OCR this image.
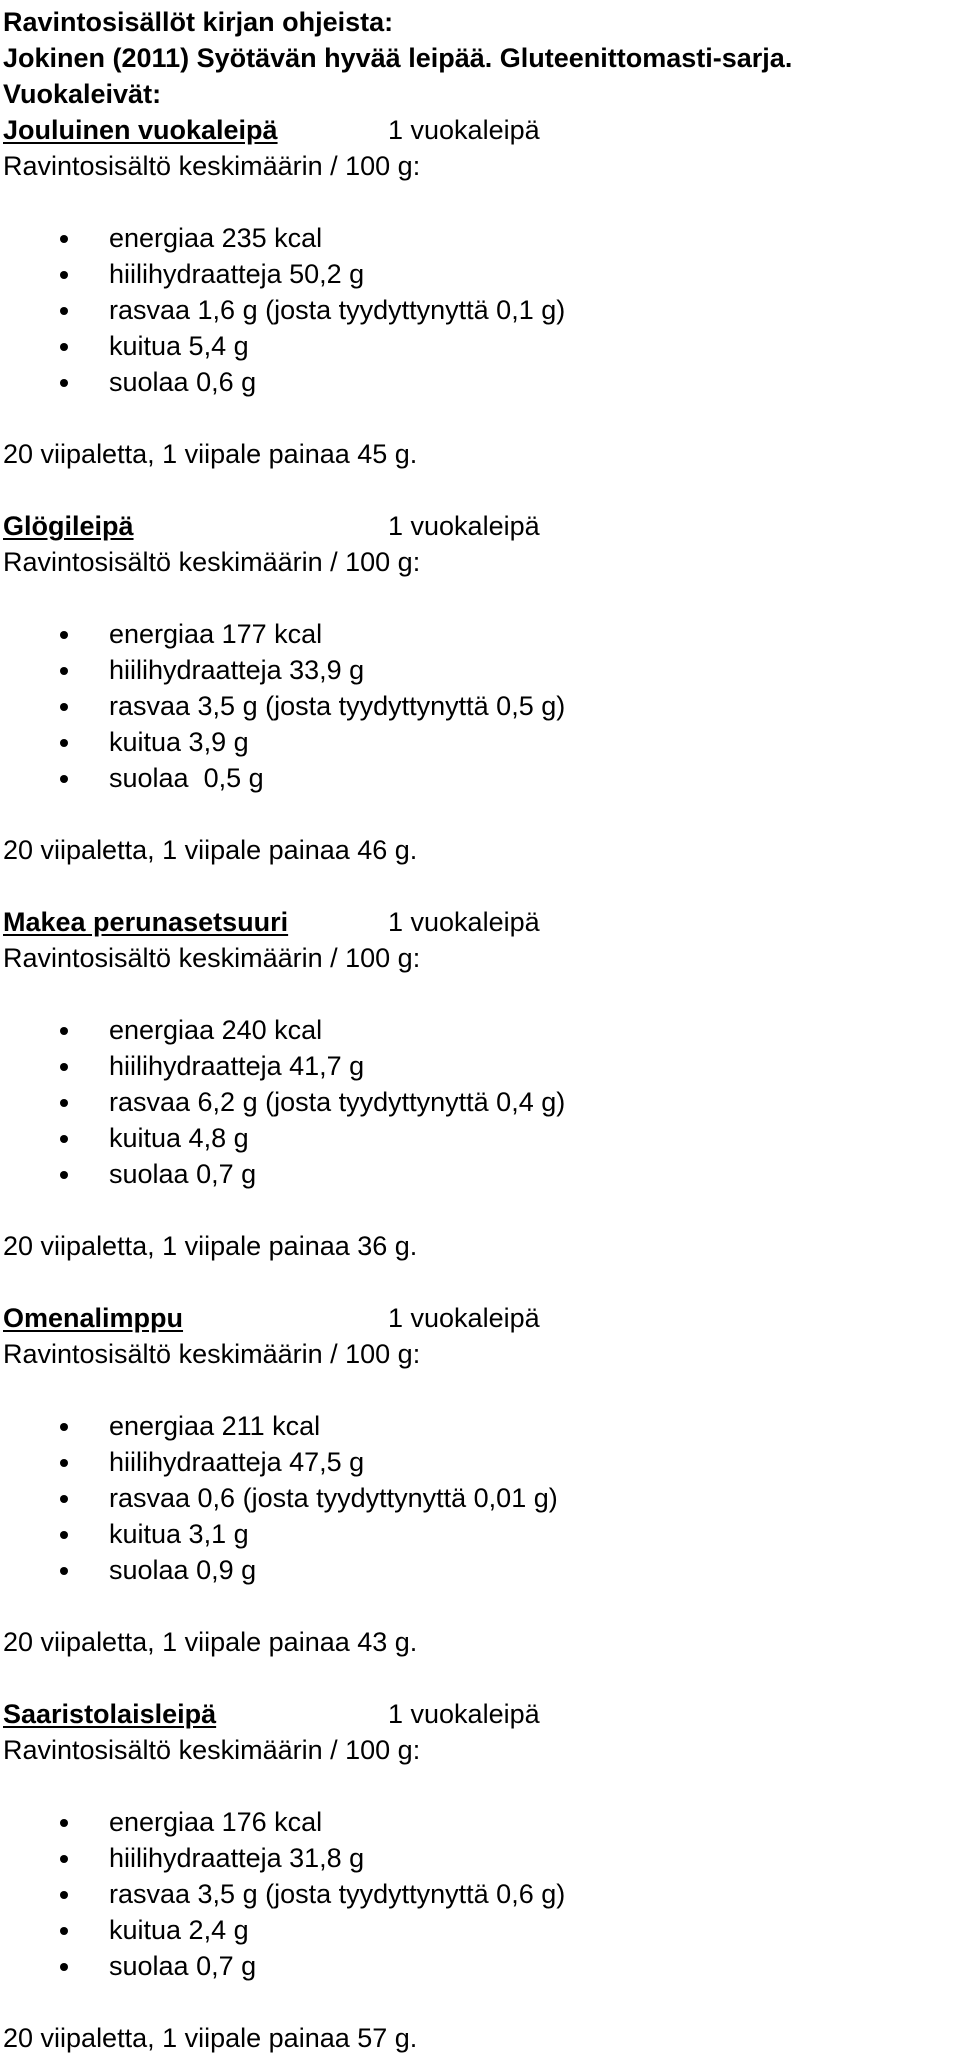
Ravintosisällöt kirjan ohjeista:
Jokinen (2011) Syötävän hyvää leipää. Gluteenittomasti-sarja.
Vuokaleivät:
Jouluinen vuokaleipä	1 vuokaleipä
Ravintosisältö keskimäärin / 100 g:
energiaa 235 kcal
hiilihydraatteja 50,2 g
rasvaa 1,6 g (josta tyydyttynyttä 0,1 g)
kuitua 5,4 g
suolaa 0,6 g
20 viipaletta, 1 viipale painaa 45 g.
Glögileipä	1 vuokaleipä
Ravintosisältö keskimäärin / 100 g:
energiaa 177 kcal
hiilihydraatteja 33,9 g
rasvaa 3,5 g (josta tyydyttynyttä 0,5 g)
kuitua 3,9 g
suolaa  0,5 g
20 viipaletta, 1 viipale painaa 46 g.
Makea perunasetsuuri	1 vuokaleipä
Ravintosisältö keskimäärin / 100 g:
energiaa 240 kcal
hiilihydraatteja 41,7 g
rasvaa 6,2 g (josta tyydyttynyttä 0,4 g)
kuitua 4,8 g
suolaa 0,7 g
20 viipaletta, 1 viipale painaa 36 g.
Omenalimppu	1 vuokaleipä
Ravintosisältö keskimäärin / 100 g:
energiaa 211 kcal
hiilihydraatteja 47,5 g
rasvaa 0,6 (josta tyydyttynyttä 0,01 g)
kuitua 3,1 g
suolaa 0,9 g
20 viipaletta, 1 viipale painaa 43 g.
Saaristolaisleipä	1 vuokaleipä
Ravintosisältö keskimäärin / 100 g:
energiaa 176 kcal
hiilihydraatteja 31,8 g
rasvaa 3,5 g (josta tyydyttynyttä 0,6 g)
kuitua 2,4 g
suolaa 0,7 g
20 viipaletta, 1 viipale painaa 57 g.
